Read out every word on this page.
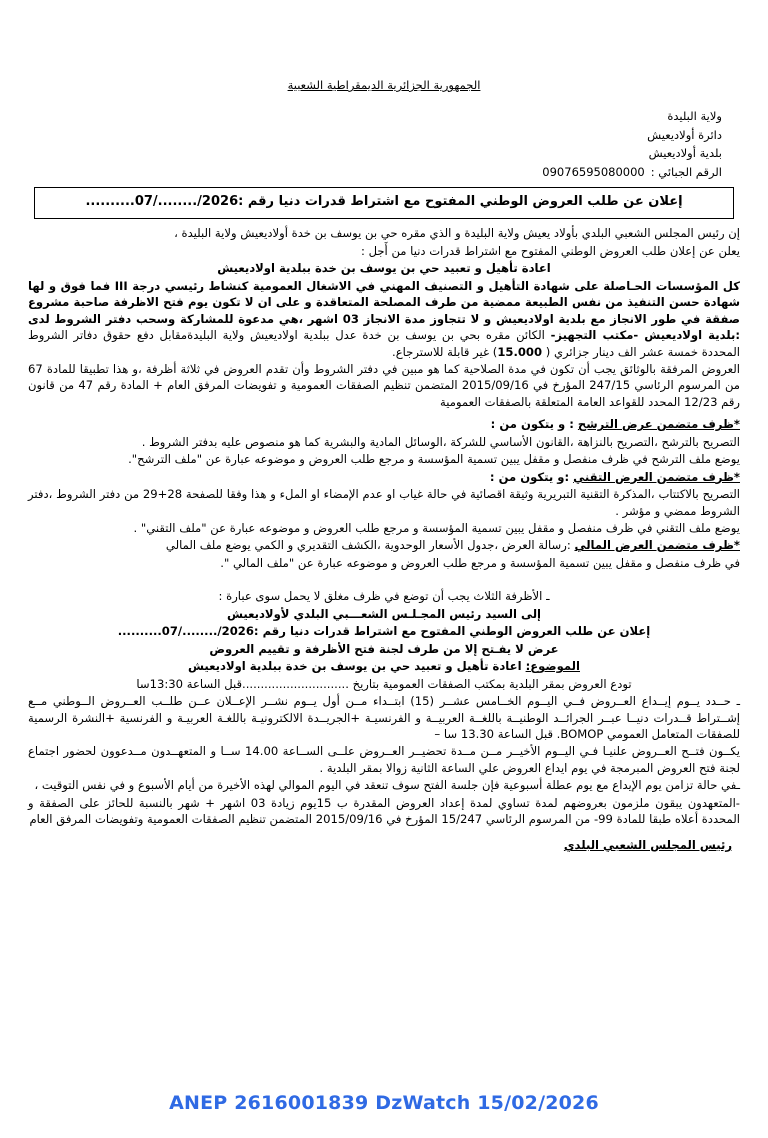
الجمهورية الجزائرية الديمقراطية الشعبية
ولاية البليدة
دائرة أولاديعيش
بلدية أولاديعيش
الرقم الجبائي :09076595080000
إعلان عن طلب العروض الوطني المفتوح مع اشتراط قدرات دنيا رقم :..........07/......../2026

إن رئيس المجلس الشعبي البلدي بأولاد يعيش ولاية البليدة و الذي مقره حي بن يوسف بن خدة أولاديعيش ولاية البليدة ،

يعلن عن إعلان طلب العروض الوطني المفتوح مع اشتراط قدرات دنيا من أَجل :

اعادة تأهيل و تعبيد حي بن يوسف بن خدة ببلدية اولاديعيش

كل المؤسسات الحـاصلة على شهادة التأهيل و التصنيف المهني في الاشغال العمومية كنشاط رئيسي درجة III فما فوق و لها شهادة حسن التنفيذ من نفس الطبيعة ممضية من طرف المصلحة المتعاقدة و على ان لا تكون يوم فتح الاظرفة صاحبة مشروع صفقة في طور الانجاز مع بلدية اولاديعيش و لا تتجاوز مدة الانجاز 03 اشهر ،هي مدعوة للمشاركة وسحب دفتر الشروط لدى :بلدية اولاديعيش -مكتب التجهيز- الكائن مقره بحي بن يوسف بن خدة عدل ببلدية اولاديعيش ولاية البليدةمقابل دفع حقوق دفاتر الشروط المحددة خمسة عشر الف دينار جزائري ( 15.000) غير قابلة للاسترجاع.

العروض المرفقة بالوثائق يجب أن تكون في مدة الصلاحية كما هو مبين في دفتر الشروط وأن تقدم العروض في ثلاثة أظرفة ،و هذا تطبيقا للمادة 67 من المرسوم الرئاسي 247/15 المؤرخ في 2015/09/16 المتضمن تنظيم الصفقات العمومية و تفويضات المرفق العام + المادة رقم 47 من قانون رقم 12/23 المحدد للقواعد العامة المتعلقة بالصفقات العمومية

*ظرف متضمن عرض الترشح : و يتكون من :

التصريح بالترشح ،التصريح بالنزاهة ،القانون الأساسي للشركة ،الوسائل المادية والبشرية كما هو منصوص عليه بدفتر الشروط .

يوضع ملف الترشح في ظرف منفصل و مقفل يبين تسمية المؤسسة و مرجع طلب العروض و موضوعه عبارة عن "ملف الترشح".

*ظرف متضمن العرض التقني :و يتكون من :

التصريح بالاكتتاب ،المذكرة التقنية التبريرية وثيقة اقصائية في حالة غياب او عدم الإمضاء او الملء و هذا وفقا للصفحة 28+29 من دفتر الشروط ،دفتر الشروط ممضي و مؤشر .

يوضع ملف التقني في ظرف منفصل و مقفل يبين تسمية المؤسسة و مرجع طلب العروض و موضوعه عبارة عن "ملف التقني" .

*ظرف متضمن العرض المالي :رسالة العرض ،جدول الأسعار الوحدوية ،الكشف التقديري و الكمي يوضع ملف المالي

في ظرف منفصل و مقفل يبين تسمية المؤسسة و مرجع طلب العروض و موضوعه عبارة عن "ملف المالي ".

ـ الأظرفة الثلاث يجب أن توضع في ظرف مغلق لا يحمل سوى عبارة :

إلى السيد رئيس المجـلـس الشعـــبي البلدي لأولاديعيش

إعلان عن طلب العروض الوطني المفتوح مع اشتراط قدرات دنيا رقم :..........07/......../2026

عرض لا يفـتح إلا من طرف لجنة فتح الأظرفة و تقييم العروض

الموضوع: اعادة تأهيل و تعبيد حي بن يوسف بن خدة ببلدية اولاديعيش

تودع العروض بمقر البلدية بمكتب الصفقات العمومية بتاريخ .............................قبل الساعة 13:30سا

ـ حــدد يــوم إيــداع العــروض فــي اليــوم الخــامس عشــر (15) ابتــداء مــن أول يــوم نشــر الإعــلان عــن طلــب العــروض الــوطني مــع إشــتراط قــدرات دنيــا عبــر الجرائــد الوطنيــة باللغــة العربيــة و الفرنسيـة +الجريــدة الالكترونيـة باللغـة العربيـة و الفرنسية +النشرة الرسمية للصفقات المتعامل العمومي BOMOP. قبل الساعة 13.30 سا –

يكــون فتــح العــروض علنيـا فـي اليــوم الأخيــر مــن مــدة تحضيــر العــروض علــى الســاعة 14.00 ســا و المتعهــدون مــدعوون لحضور اجتماع لجنة فتح العروض المبرمجة في يوم ايداع العروض علي الساعة الثانية زوالا بمقر البلدية .

ـفي حالة تزامن يوم الإيداع مع يوم عطلة أسبوعية فإن جلسة الفتح سوف تنعقد في اليوم الموالي لهذه الأخيرة من أيام الأسبوع و في نفس التوقيت ،

-المتعهدون يبقون ملزمون بعروضهم لمدة تساوي لمدة إعداد العروض المقدرة ب 15يوم زيادة 03 اشهر + شهر بالنسبة للحائز على الصفقة و المحددة أعلاه طبقا للمادة 99- من المرسوم الرئاسي 15/247 المؤرخ في 2015/09/16 المتضمن تنظيم الصفقات العمومية وتفويضات المرفق العام

رئيس المجلس الشعبي البلدي
ANEP 2616001839 DzWatch 15/02/2026
